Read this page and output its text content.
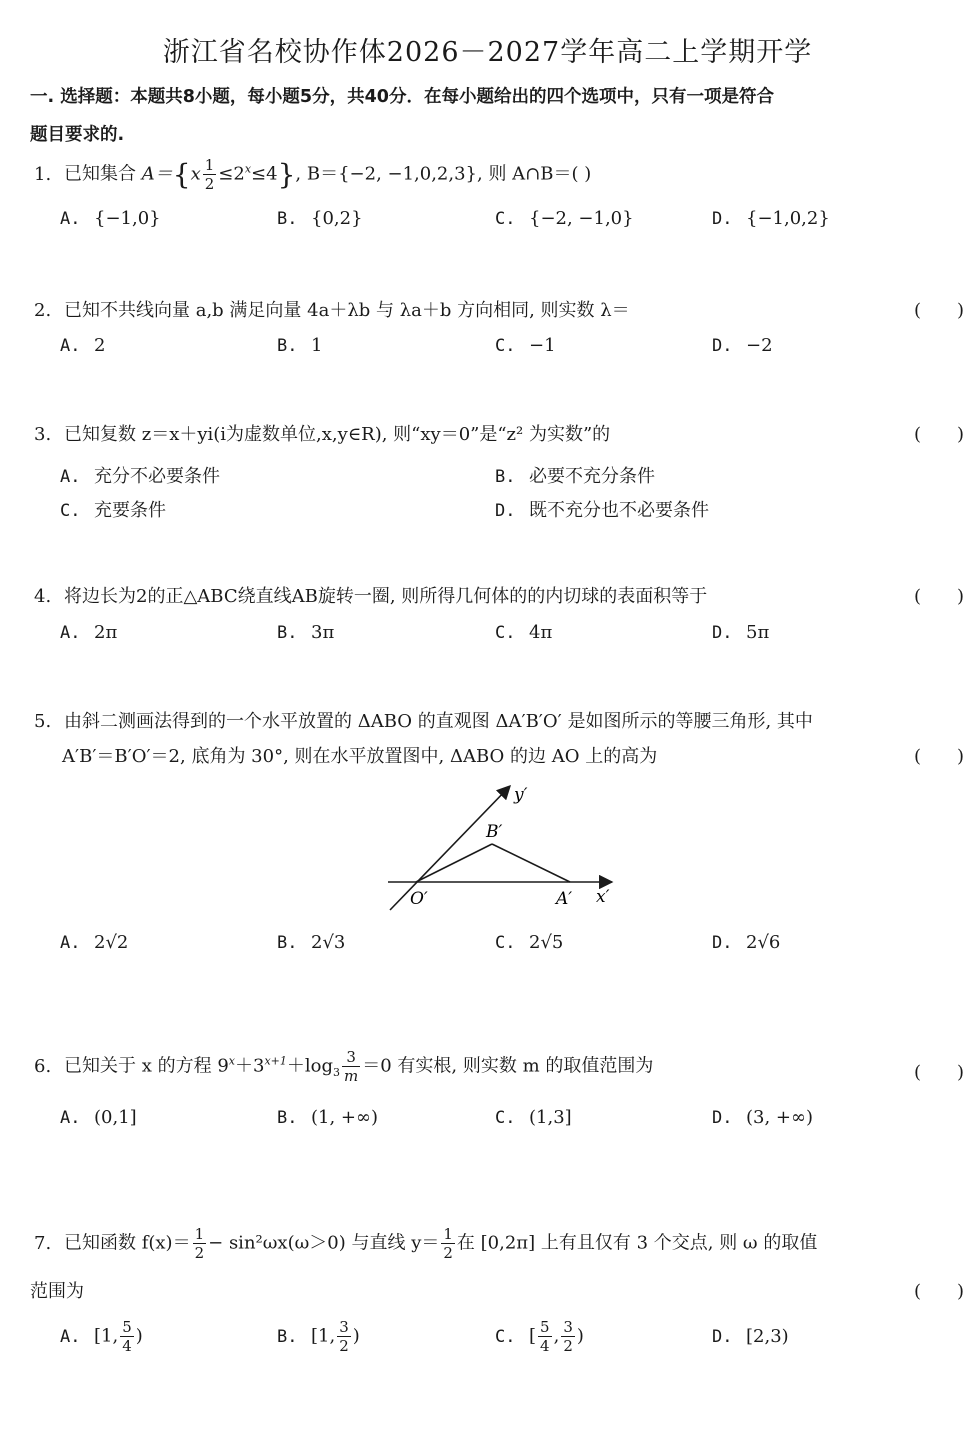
浙江省名校协作体2026－2027学年高二上学期开学
一. 选择题：本题共8小题，每小题5分，共40分．在每小题给出的四个选项中，只有一项是符合
题目要求的.
1. 已知集合 $A=\{x \frac{1}{2} \le 2^x\le 4\}$, B＝{−2, −1,0,2,3}, 则 A∩B＝( )
A. {−1,0}	B. {0,2}	C. {−2, −1,0}	D. {−1,0,2}
2. 已知不共线向量 a,b 满足向量 4a＋λb 与 λa＋b 方向相同, 则实数 λ＝	(　　)
A. 2	B. 1	C. −1	D. −2
3. 已知复数 z＝x＋yi(i为虚数单位,x,y∈R), 则“xy＝0”是“z² 为实数”的	(　　)
A. 充分不必要条件	B. 必要不充分条件
C. 充要条件	D. 既不充分也不必要条件
4. 将边长为2的正△ABC绕直线AB旋转一圈, 则所得几何体的的内切球的表面积等于	(　　)
A. 2π	B. 3π	C. 4π	D. 5π
5. 由斜二测画法得到的一个水平放置的 ΔABO 的直观图 ΔA′B′O′ 是如图所示的等腰三角形, 其中
A′B′＝B′O′＝2, 底角为 30°, 则在水平放置图中, ΔABO 的边 AO 上的高为	(　　)
y′
B′
O′	A′ x′
A. 2√2	B. 2√3	C. 2√5	D. 2√6
6. 已知关于 x 的方程 $9^x+3^{x+1}+\log_3 \frac{3}{m} =0$ 有实根, 则实数 m 的取值范围为	(　　)
A. (0,1]	B. (1, +∞)	C. (1,3]	D. (3, +∞)
7. 已知函数 $f(x)= \frac{1}{2} - \sin^2\omega x(\omega>0)$ 与直线 $y= \frac{1}{2}$ 在 [0,2π] 上有且仅有 3 个交点, 则 ω 的取值
范围为	(　　)
A. [1, $\frac{5}{4}$ )	B. [1, $\frac{3}{2}$ )	C. [ $\frac{5}{4}$ , $\frac{3}{2}$ )	D. [2,3)
